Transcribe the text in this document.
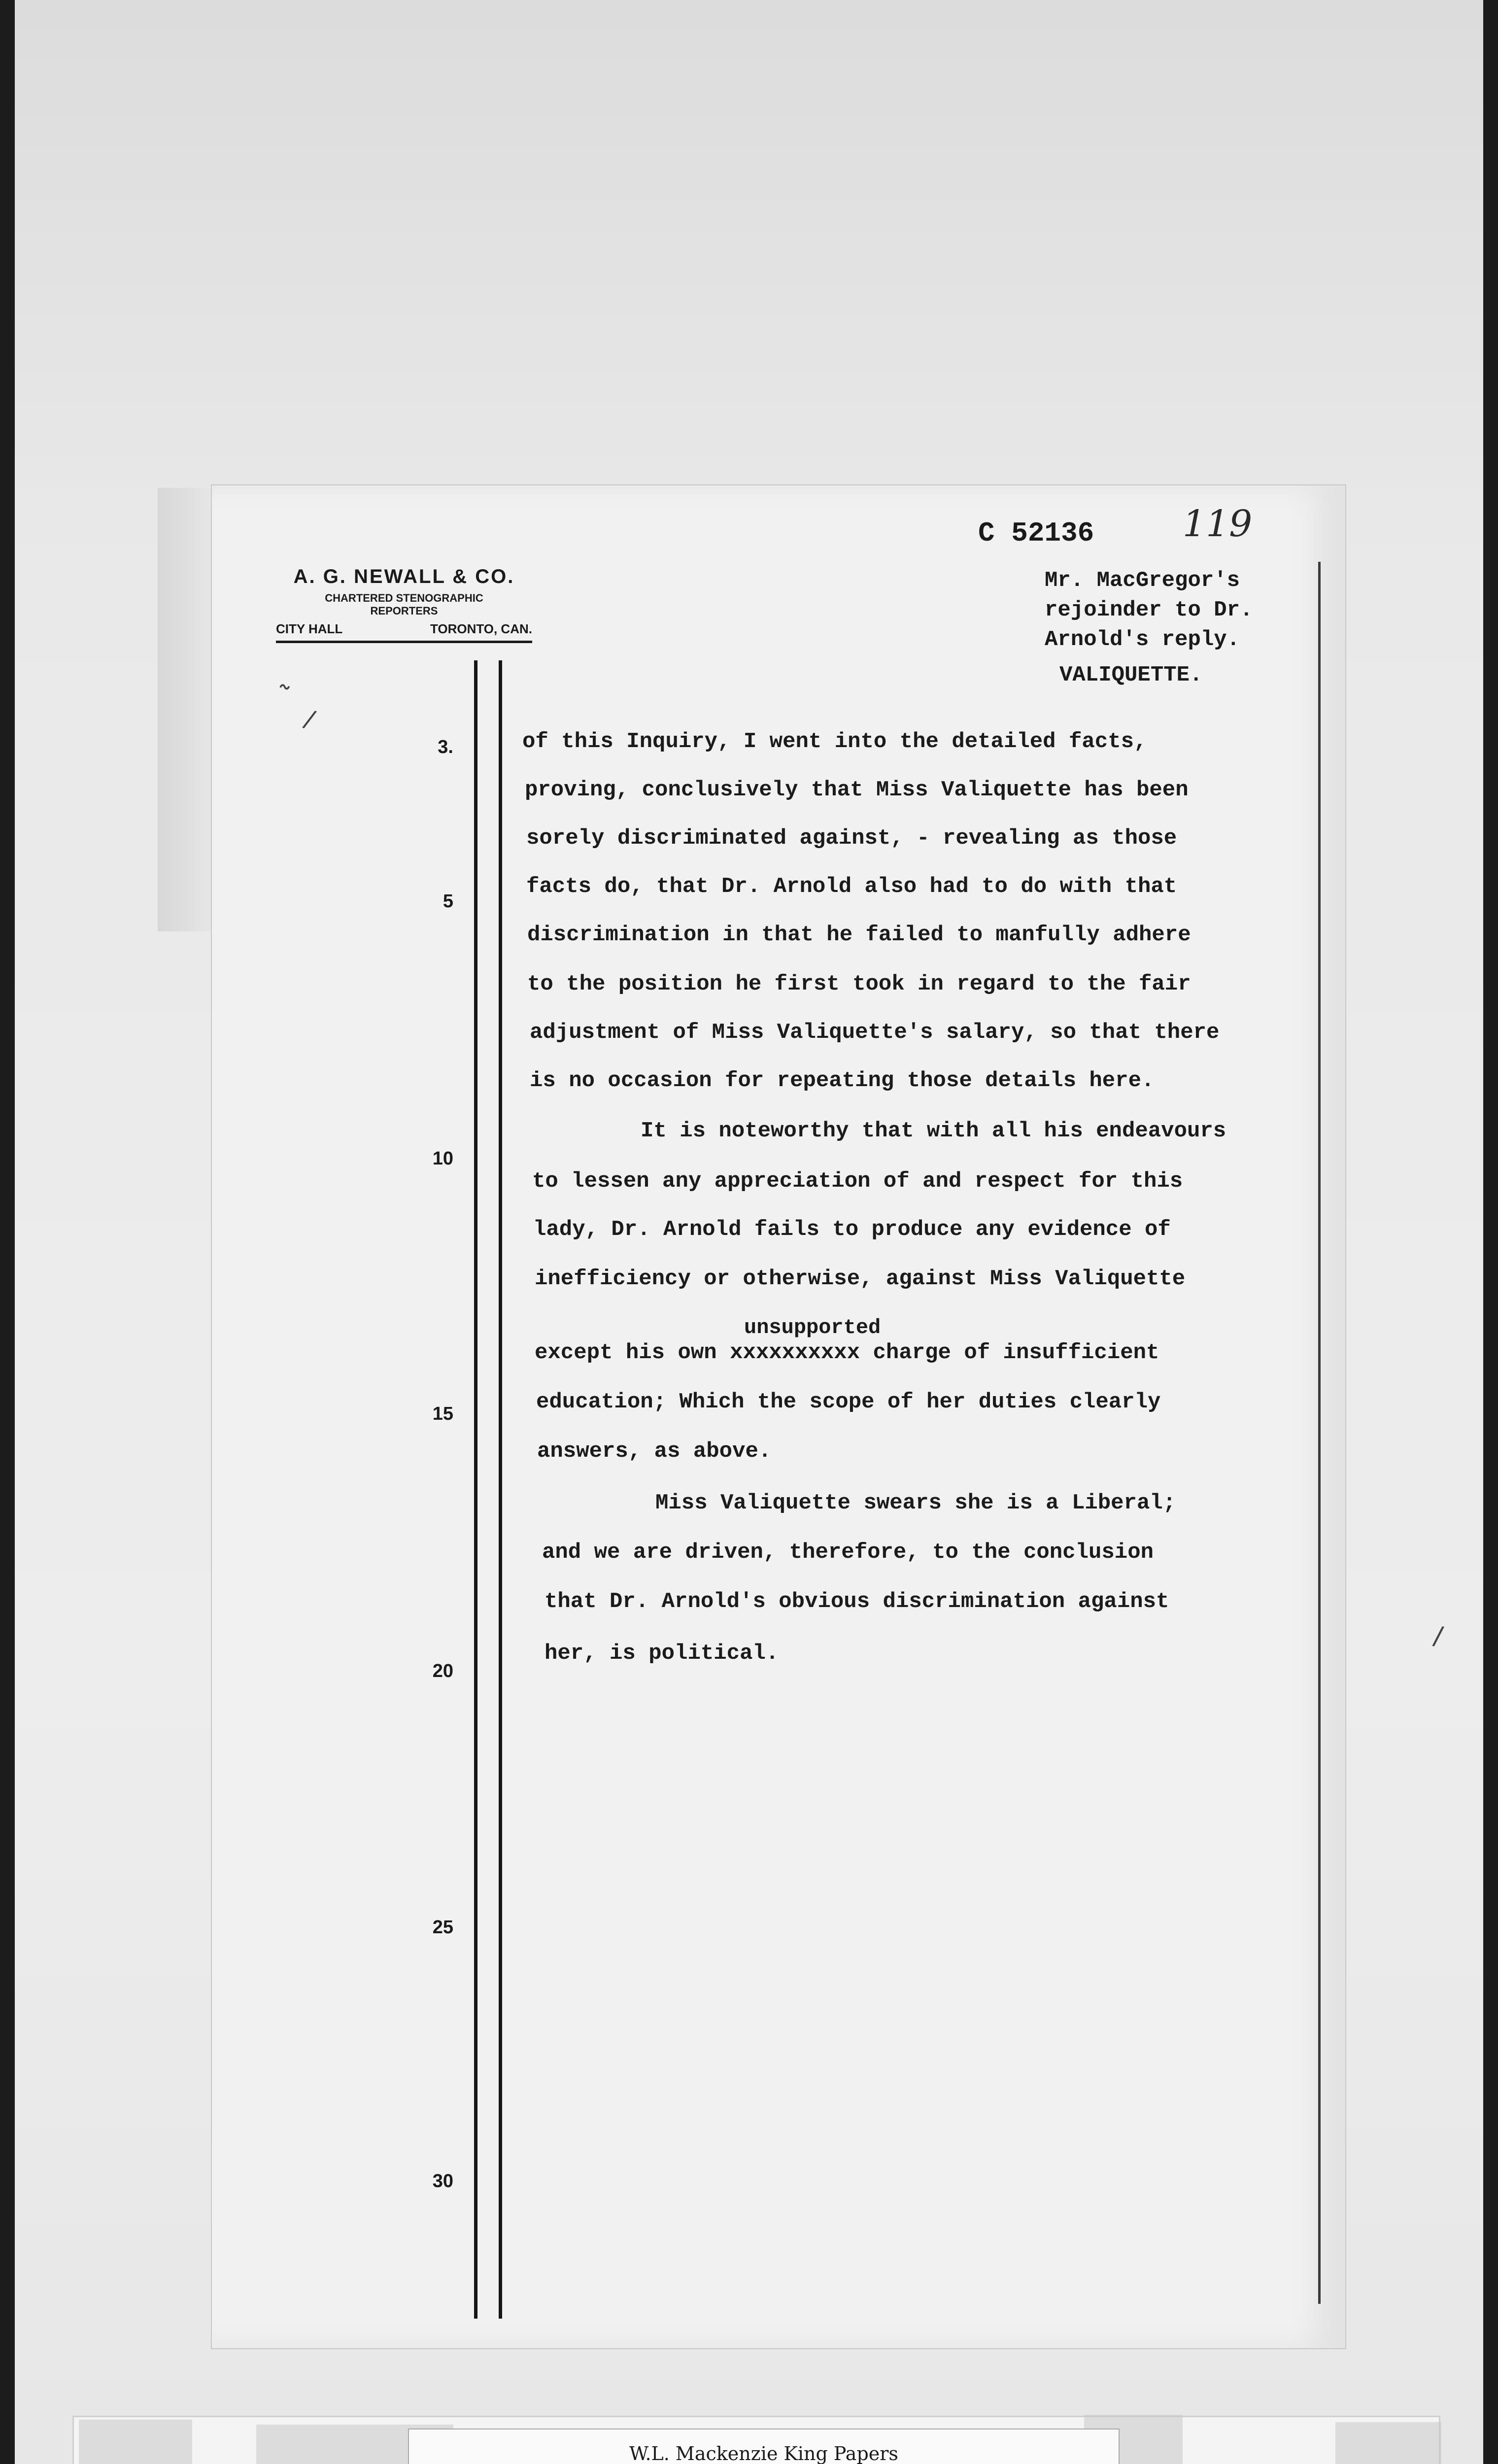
A. G. NEWALL & CO.
CHARTERED STENOGRAPHIC
REPORTERS
CITY HALL	TORONTO, CAN.
C 52136 119
Mr. MacGregor's
rejoinder to Dr.
Arnold's reply.
VALIQUETTE.
3.
5
10
15
20
25
30
of this Inquiry, I went into the detailed facts,
proving, conclusively that Miss Valiquette has been
sorely discriminated against, - revealing as those
facts do, that Dr. Arnold also had to do with that
discrimination in that he failed to manfully adhere
to the position he first took in regard to the fair
adjustment of Miss Valiquette's salary, so that there
is no occasion for repeating those details here.
It is noteworthy that with all his endeavours
to lessen any appreciation of and respect for this
lady, Dr. Arnold fails to produce any evidence of
inefficiency or otherwise, against Miss Valiquette
unsupported
except his own xxxxxxxxxx charge of insufficient
education; Which the scope of her duties clearly
answers, as above.
Miss Valiquette swears she is a Liberal;
and we are driven, therefore, to the conclusion
that Dr. Arnold's obvious discrimination against
her, is political.
˜
/
/
W.L. Mackenzie King Papers
